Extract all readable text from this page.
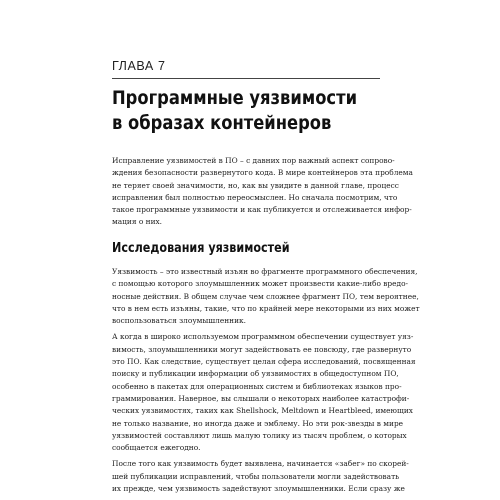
ГЛАВА 7
Программные уязвимости
в образах контейнеров
Исправление уязвимостей в ПО – с давних пор важный аспект сопрово-
ждения безопасности развернутого кода. В мире контейнеров эта проблема
не теряет своей значимости, но, как вы увидите в данной главе, процесс
исправления был полностью переосмыслен. Но сначала посмотрим, что
такое программные уязвимости и как публикуется и отслеживается инфор-
мация о них.
Исследования уязвимостей
Уязвимость – это известный изъян во фрагменте программного обеспечения,
с помощью которого злоумышленник может произвести какие-либо вредо-
носные действия. В общем случае чем сложнее фрагмент ПО, тем вероятнее,
что в нем есть изъяны, такие, что по крайней мере некоторыми из них может
воспользоваться злоумышленник.
А когда в широко используемом программном обеспечении существует уяз-
вимость, злоумышленники могут задействовать ее повсюду, где развернуто
это ПО. Как следствие, существует целая сфера исследований, посвященная
поиску и публикации информации об уязвимостях в общедоступном ПО,
особенно в пакетах для операционных систем и библиотеках языков про-
граммирования. Наверное, вы слышали о некоторых наиболее катастрофи-
ческих уязвимостях, таких как Shellshock, Meltdown и Heartbleed, имеющих
не только название, но иногда даже и эмблему. Но эти рок-звезды в мире
уязвимостей составляют лишь малую толику из тысяч проблем, о которых
сообщается ежегодно.
После того как уязвимость будет выявлена, начинается «забег» по скорей-
шей публикации исправлений, чтобы пользователи могли задействовать
их прежде, чем уязвимость задействуют злоумышленники. Если сразу же
